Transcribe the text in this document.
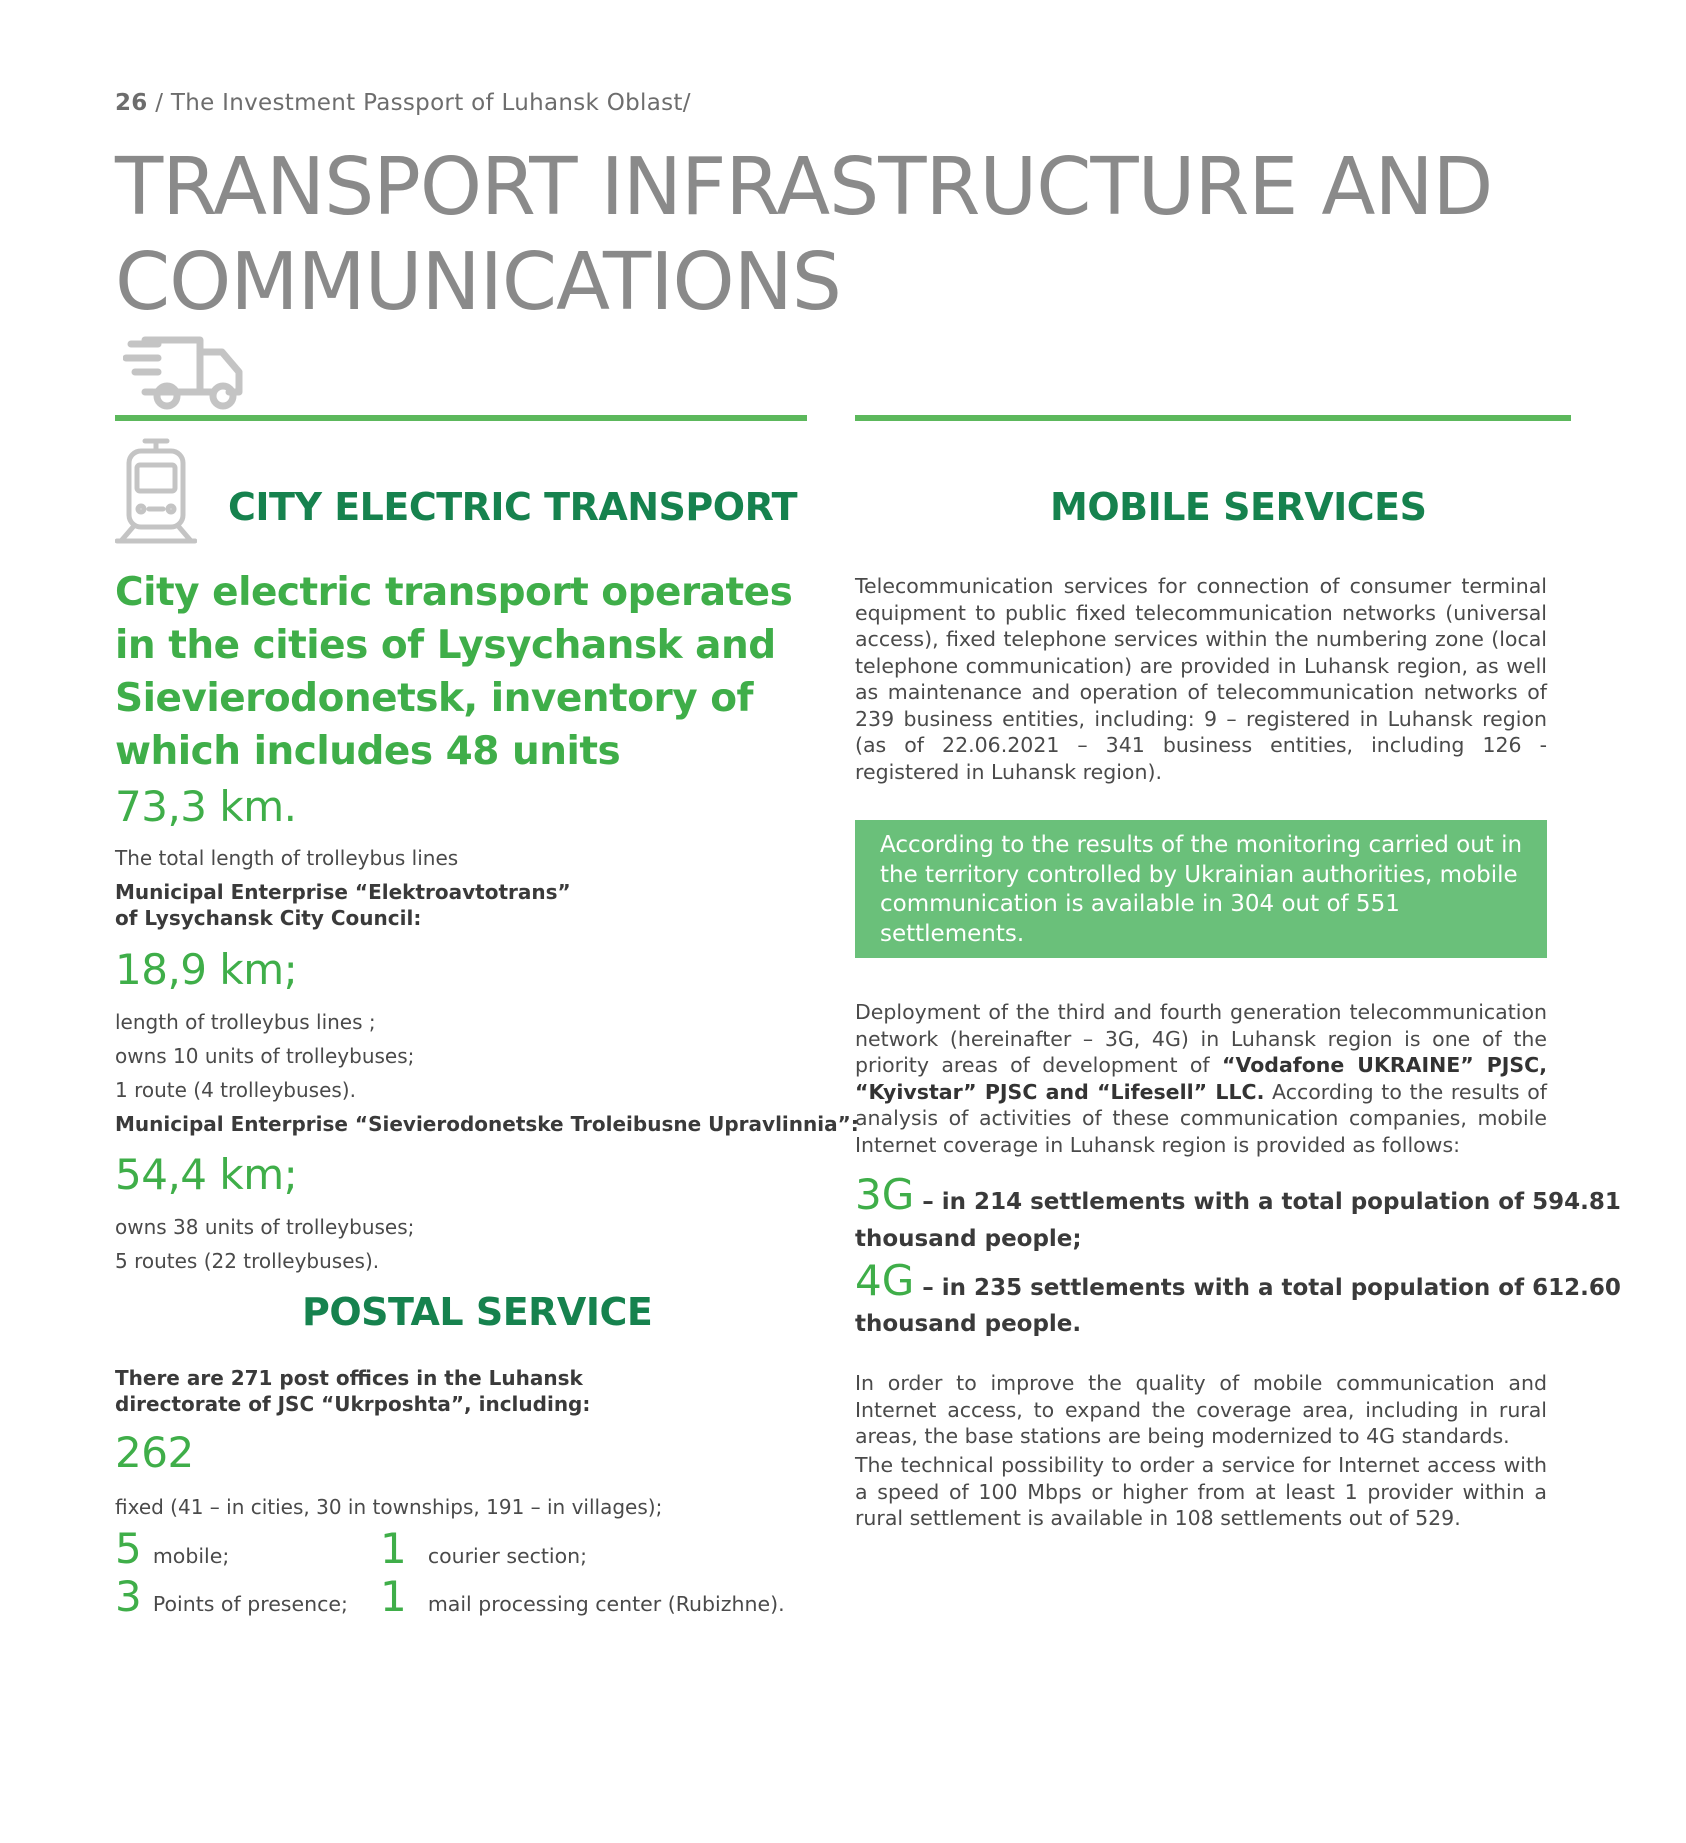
26 / The Investment Passport of Luhansk Oblast/
TRANSPORT INFRASTRUCTURE AND
COMMUNICATIONS
CITY ELECTRIC TRANSPORT
City electric transport operates in the cities of Lysychansk and Sievierodonetsk, inventory of which includes 48 units
73,3 km.
The total length of trolleybus lines
Municipal Enterprise “Elektroavtotrans”
of Lysychansk City Council:
18,9 km;
length of trolleybus lines ;
owns 10 units of trolleybuses;
1 route (4 trolleybuses).
Municipal Enterprise “Sievierodonetske Troleibusne Upravlinnia”:
54,4 km;
owns 38 units of trolleybuses;
5 routes (22 trolleybuses).
POSTAL SERVICE
There are 271 post offices in the Luhansk
directorate of JSC “Ukrposhta”, including:
262
fixed (41 – in cities, 30 in townships, 191 – in villages);
5 mobile;	1 courier section;
3 Points of presence; 1 mail processing center (Rubizhne).
MOBILE SERVICES
Telecommunication services for connection of consumer terminal equipment to public fixed telecommunication networks (universal access), fixed telephone services within the numbering zone (local telephone communication) are provided in Luhansk region, as well as maintenance and operation of telecommunication networks of 239 business entities, including: 9 – registered in Luhansk region (as of 22.06.2021 – 341 business entities, including 126 - registered in Luhansk region).
According to the results of the monitoring carried out in the territory controlled by Ukrainian authorities, mobile communication is available in 304 out of 551 settlements.
Deployment of the third and fourth generation telecommunication network (hereinafter – 3G, 4G) in Luhansk region is one of the priority areas of development of “Vodafone UKRAINE” PJSC, “Kyivstar” PJSC and “Lifesell” LLC. According to the results of analysis of activities of these communication companies, mobile Internet coverage in Luhansk region is provided as follows:
3G – in 214 settlements with a total population of 594.81
thousand people;
4G – in 235 settlements with a total population of 612.60
thousand people.
In order to improve the quality of mobile communication and Internet access, to expand the coverage area, including in rural areas, the base stations are being modernized to 4G standards.
The technical possibility to order a service for Internet access with a speed of 100 Mbps or higher from at least 1 provider within a rural settlement is available in 108 settlements out of 529.
